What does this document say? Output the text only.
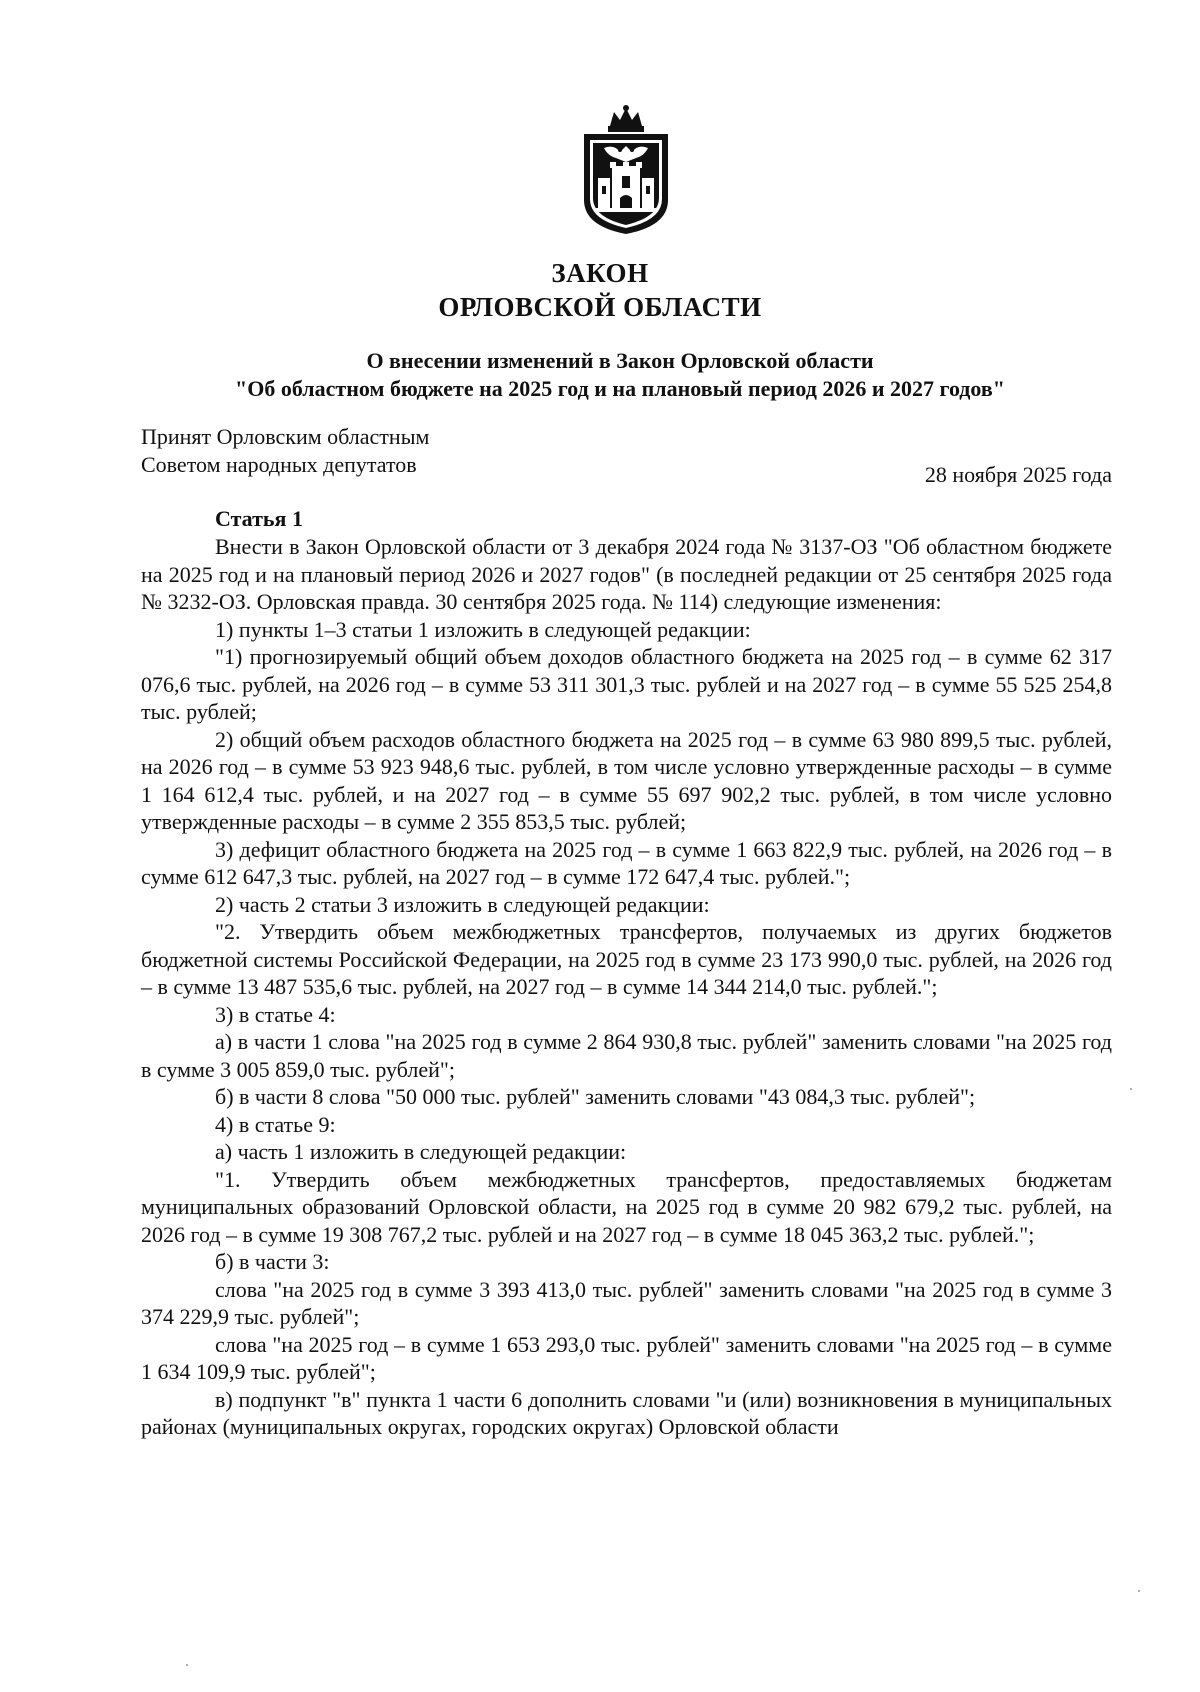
ЗАКОН
ОРЛОВСКОЙ ОБЛАСТИ
О внесении изменений в Закон Орловской области
"Об областном бюджете на 2025 год и на плановый период 2026 и 2027 годов"
Принят Орловским областным
Советом народных депутатов	28 ноября 2025 года
Статья 1

Внести в Закон Орловской области от 3 декабря 2024 года № 3137-ОЗ "Об областном бюджете на 2025 год и на плановый период 2026 и 2027 годов" (в последней редакции от 25 сентября 2025 года № 3232-ОЗ. Орловская правда. 30 сентября 2025 года. № 114) следующие изменения:

1) пункты 1–3 статьи 1 изложить в следующей редакции:

"1) прогнозируемый общий объем доходов областного бюджета на 2025 год – в сумме 62 317 076,6 тыс. рублей, на 2026 год – в сумме 53 311 301,3 тыс. рублей и на 2027 год – в сумме 55 525 254,8 тыс. рублей;

2) общий объем расходов областного бюджета на 2025 год – в сумме 63 980 899,5 тыс. рублей, на 2026 год – в сумме 53 923 948,6 тыс. рублей, в том числе условно утвержденные расходы – в сумме 1 164 612,4 тыс. рублей, и на 2027 год – в сумме 55 697 902,2 тыс. рублей, в том числе условно утвержденные расходы – в сумме 2 355 853,5 тыс. рублей;

3) дефицит областного бюджета на 2025 год – в сумме 1 663 822,9 тыс. рублей, на 2026 год – в сумме 612 647,3 тыс. рублей, на 2027 год – в сумме 172 647,4 тыс. рублей.";

2) часть 2 статьи 3 изложить в следующей редакции:

"2. Утвердить объем межбюджетных трансфертов, получаемых из других бюджетов бюджетной системы Российской Федерации, на 2025 год в сумме 23 173 990,0 тыс. рублей, на 2026 год – в сумме 13 487 535,6 тыс. рублей, на 2027 год – в сумме 14 344 214,0 тыс. рублей.";

3) в статье 4:

а) в части 1 слова "на 2025 год в сумме 2 864 930,8 тыс. рублей" заменить словами "на 2025 год в сумме 3 005 859,0 тыс. рублей";

б) в части 8 слова "50 000 тыс. рублей" заменить словами "43 084,3 тыс. рублей";

4) в статье 9:

а) часть 1 изложить в следующей редакции:

"1. Утвердить объем межбюджетных трансфертов, предоставляемых бюджетам муниципальных образований Орловской области, на 2025 год в сумме 20 982 679,2 тыс. рублей, на 2026 год – в сумме 19 308 767,2 тыс. рублей и на 2027 год – в сумме 18 045 363,2 тыс. рублей.";

б) в части 3:

слова "на 2025 год в сумме 3 393 413,0 тыс. рублей" заменить словами "на 2025 год в сумме 3 374 229,9 тыс. рублей";

слова "на 2025 год – в сумме 1 653 293,0 тыс. рублей" заменить словами "на 2025 год – в сумме 1 634 109,9 тыс. рублей";

в) подпункт "в" пункта 1 части 6 дополнить словами "и (или) возникновения в муниципальных районах (муниципальных округах, городских округах) Орловской области
